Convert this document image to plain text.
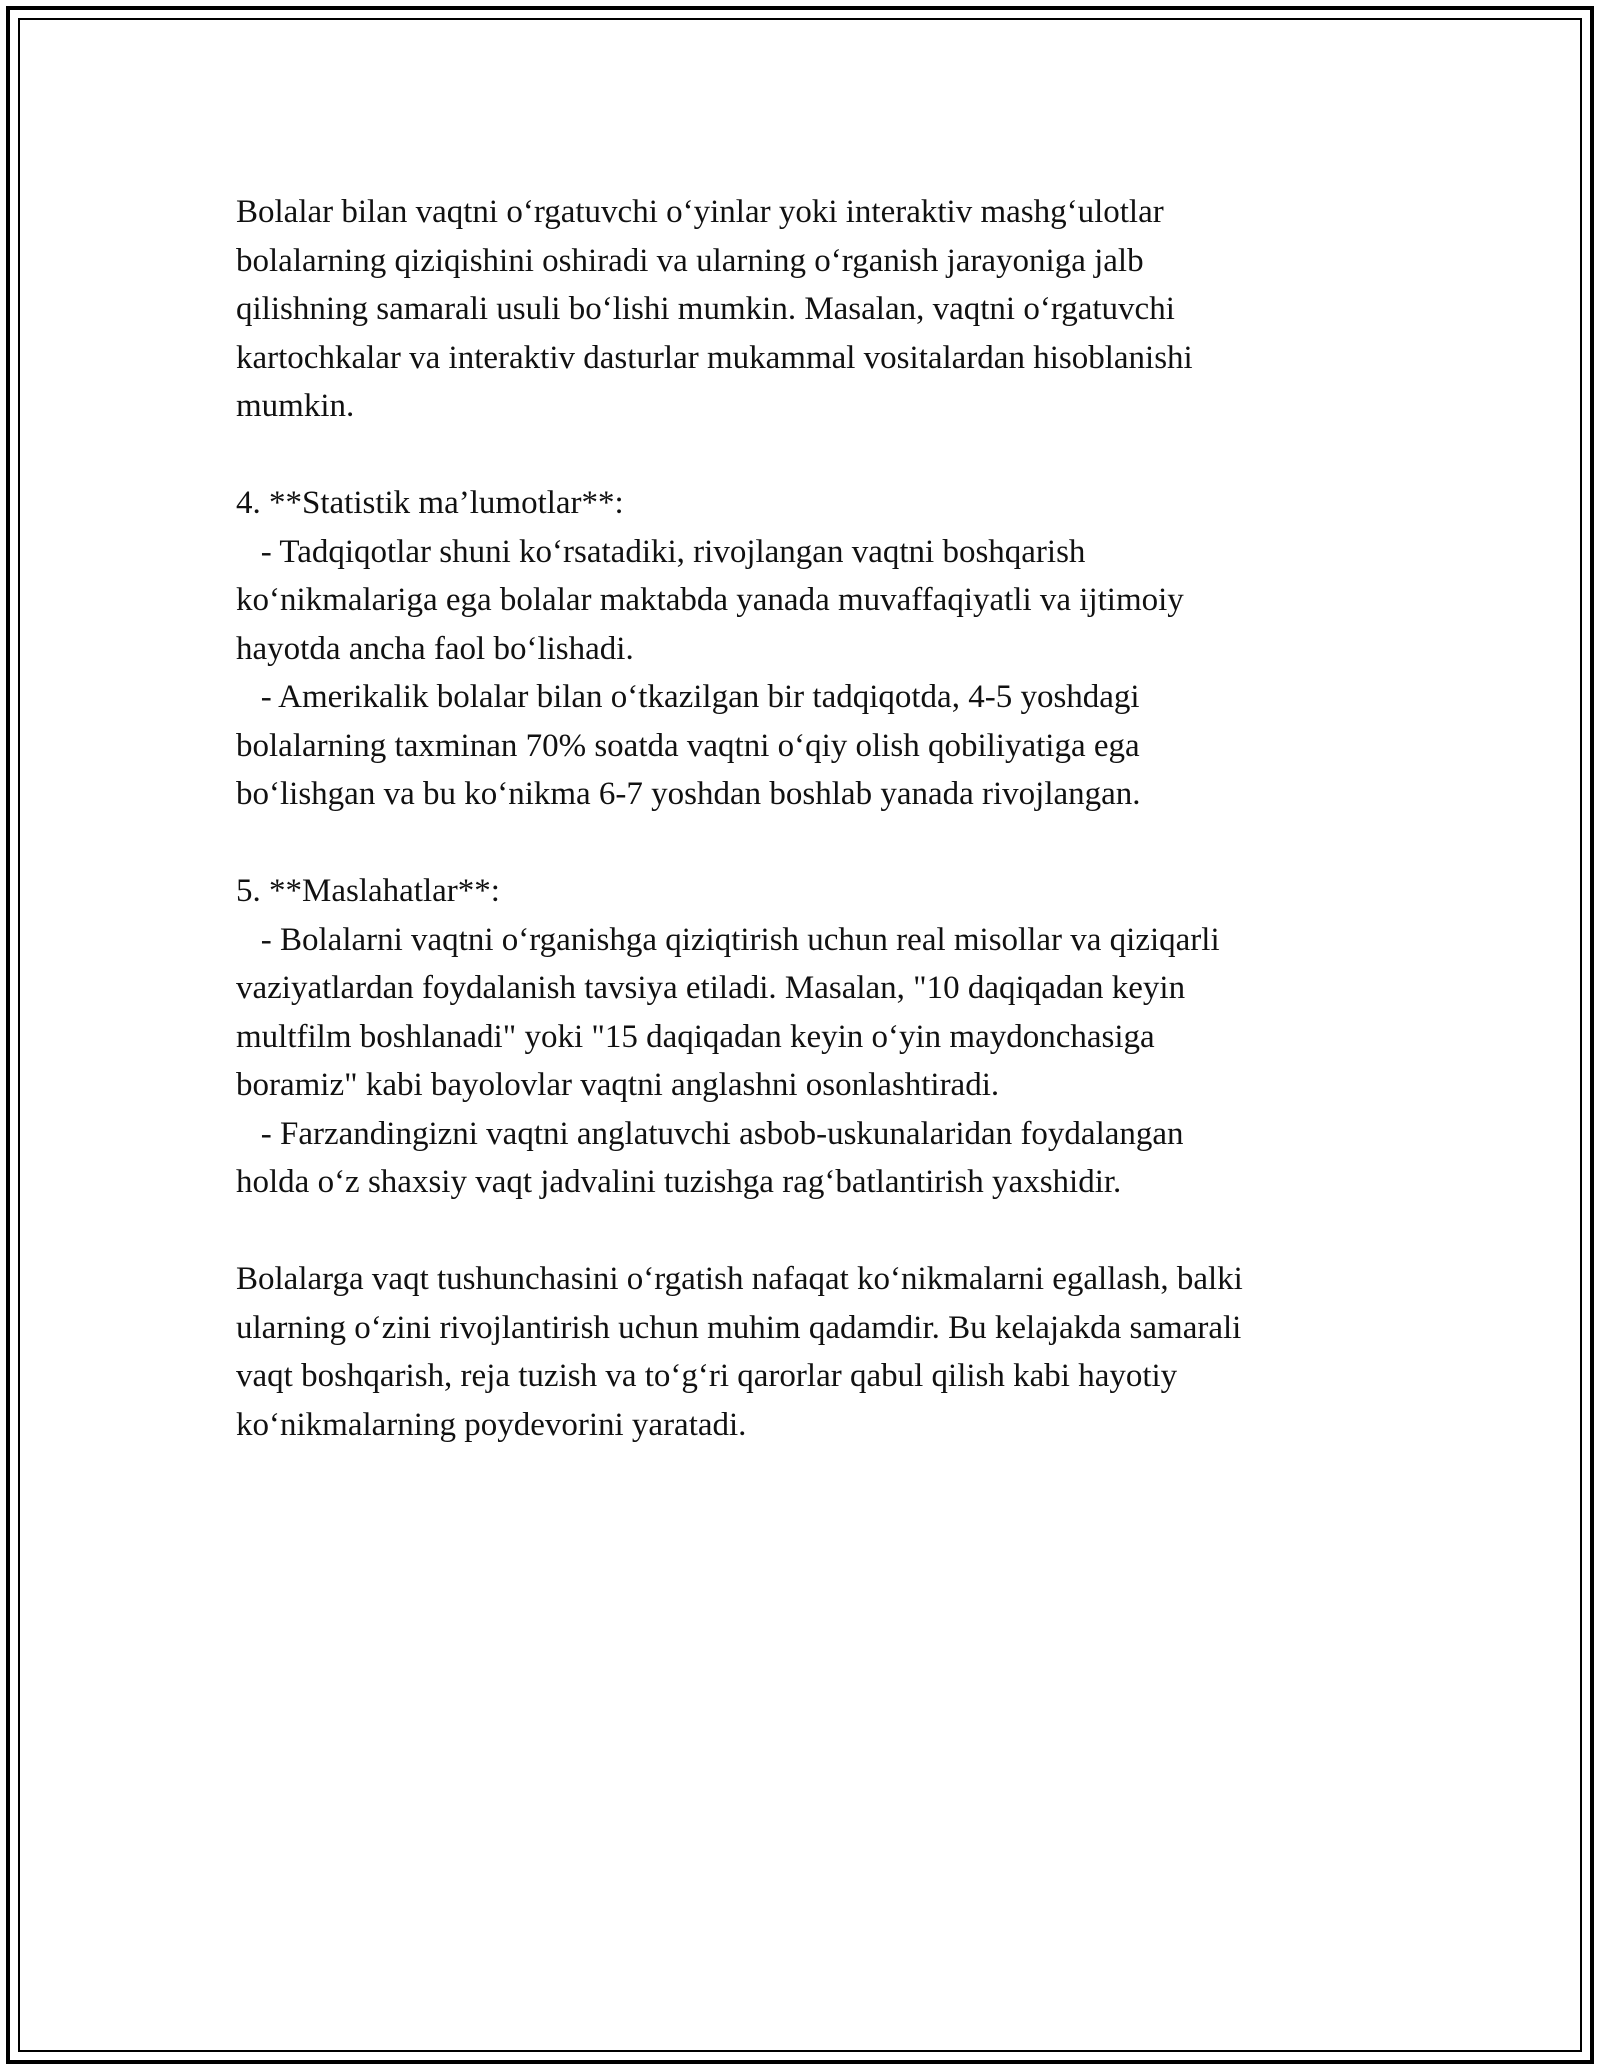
Bolalar bilan vaqtni o‘rgatuvchi o‘yinlar yoki interaktiv mashg‘ulotlar
bolalarning qiziqishini oshiradi va ularning o‘rganish jarayoniga jalb
qilishning samarali usuli bo‘lishi mumkin. Masalan, vaqtni o‘rgatuvchi
kartochkalar va interaktiv dasturlar mukammal vositalardan hisoblanishi
mumkin.
4. **Statistik ma’lumotlar**:
- Tadqiqotlar shuni ko‘rsatadiki, rivojlangan vaqtni boshqarish
ko‘nikmalariga ega bolalar maktabda yanada muvaffaqiyatli va ijtimoiy
hayotda ancha faol bo‘lishadi.
- Amerikalik bolalar bilan o‘tkazilgan bir tadqiqotda, 4-5 yoshdagi
bolalarning taxminan 70% soatda vaqtni o‘qiy olish qobiliyatiga ega
bo‘lishgan va bu ko‘nikma 6-7 yoshdan boshlab yanada rivojlangan.
5. **Maslahatlar**:
- Bolalarni vaqtni o‘rganishga qiziqtirish uchun real misollar va qiziqarli
vaziyatlardan foydalanish tavsiya etiladi. Masalan, "10 daqiqadan keyin
multfilm boshlanadi" yoki "15 daqiqadan keyin o‘yin maydonchasiga
boramiz" kabi bayolovlar vaqtni anglashni osonlashtiradi.
- Farzandingizni vaqtni anglatuvchi asbob-uskunalaridan foydalangan
holda o‘z shaxsiy vaqt jadvalini tuzishga rag‘batlantirish yaxshidir.
Bolalarga vaqt tushunchasini o‘rgatish nafaqat ko‘nikmalarni egallash, balki
ularning o‘zini rivojlantirish uchun muhim qadamdir. Bu kelajakda samarali
vaqt boshqarish, reja tuzish va to‘g‘ri qarorlar qabul qilish kabi hayotiy
ko‘nikmalarning poydevorini yaratadi.
